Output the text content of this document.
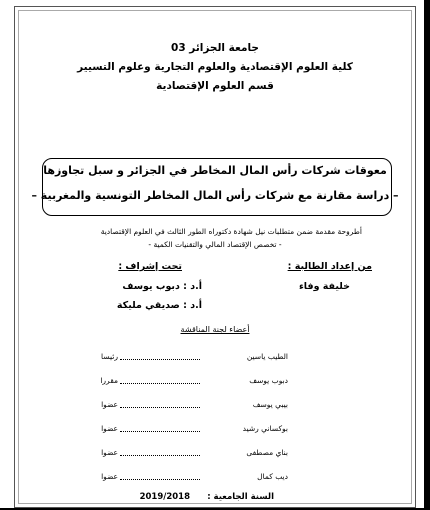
جامعة الجزائر 03
كلية العلوم الإقتصادية والعلوم التجارية وعلوم التسيير
قسم العلوم الإقتصادية
معوقات شركات رأس المال المخاطر في الجزائر و سبل تجاوزها
– دراسة مقارنة مع شركات رأس المال المخاطر التونسية والمغربية –
أطروحة مقدمة ضمن متطلبات نيل شهادة دكتوراه الطور الثالث في العلوم الإقتصادية
- تخصص الإقتصاد المالي والتقنيات الكمية -
من إعداد الطالبة :
تحت إشراف :
خليفة وفاء
أ.د : دبوب يوسف
أ.د : صديقي مليكة
أعضاء لجنة المناقشة
الطيب ياسين
رئيسا
دبوب يوسف
مقررا
بيبي يوسف
عضوا
بوكساني رشيد
عضوا
بناي مصطفى
عضوا
ديب كمال
عضوا
السنة الجامعية :
2019/2018
